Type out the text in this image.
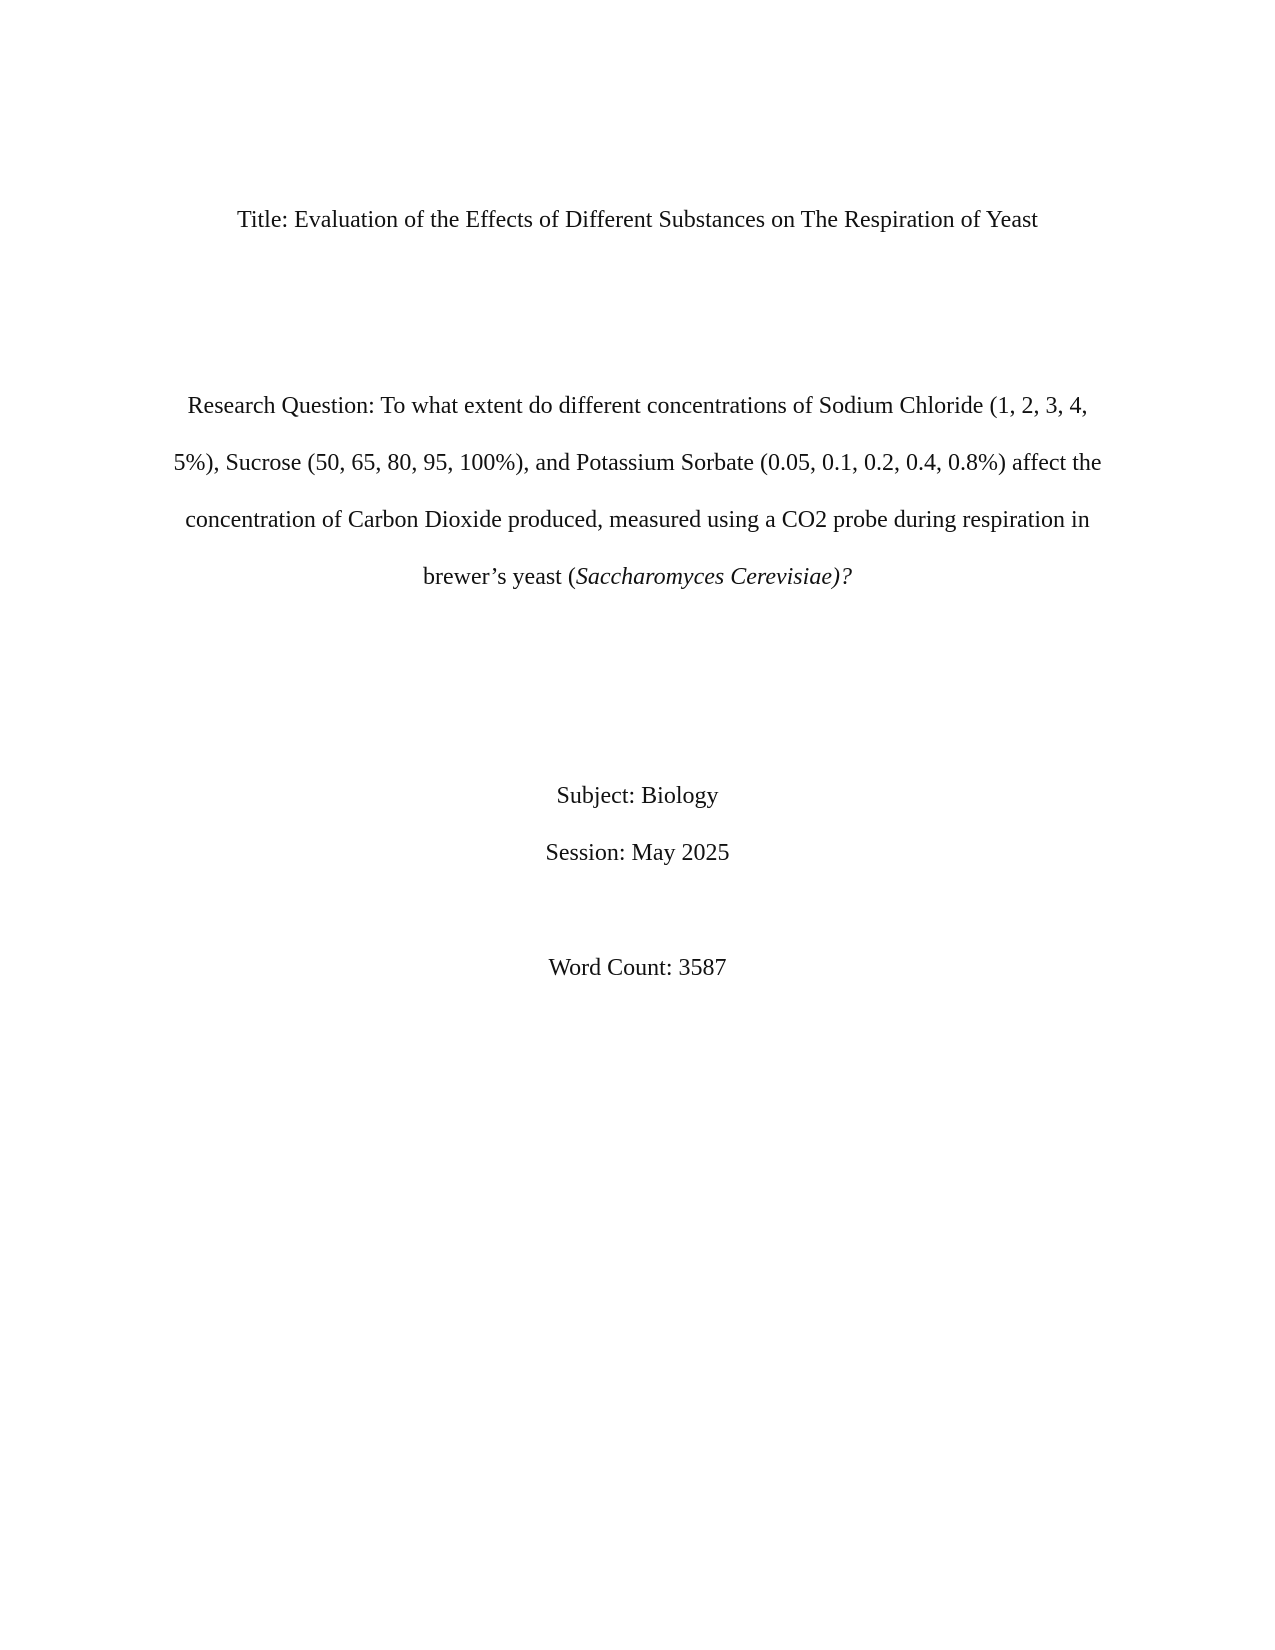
Title: Evaluation of the Effects of Different Substances on The Respiration of Yeast

Research Question: To what extent do different concentrations of Sodium Chloride (1, 2, 3, 4,
5%), Sucrose (50, 65, 80, 95, 100%), and Potassium Sorbate (0.05, 0.1, 0.2, 0.4, 0.8%) affect the
concentration of Carbon Dioxide produced, measured using a CO2 probe during respiration in
brewer’s yeast (Saccharomyces Cerevisiae)?

Subject: Biology

Session: May 2025

Word Count: 3587
